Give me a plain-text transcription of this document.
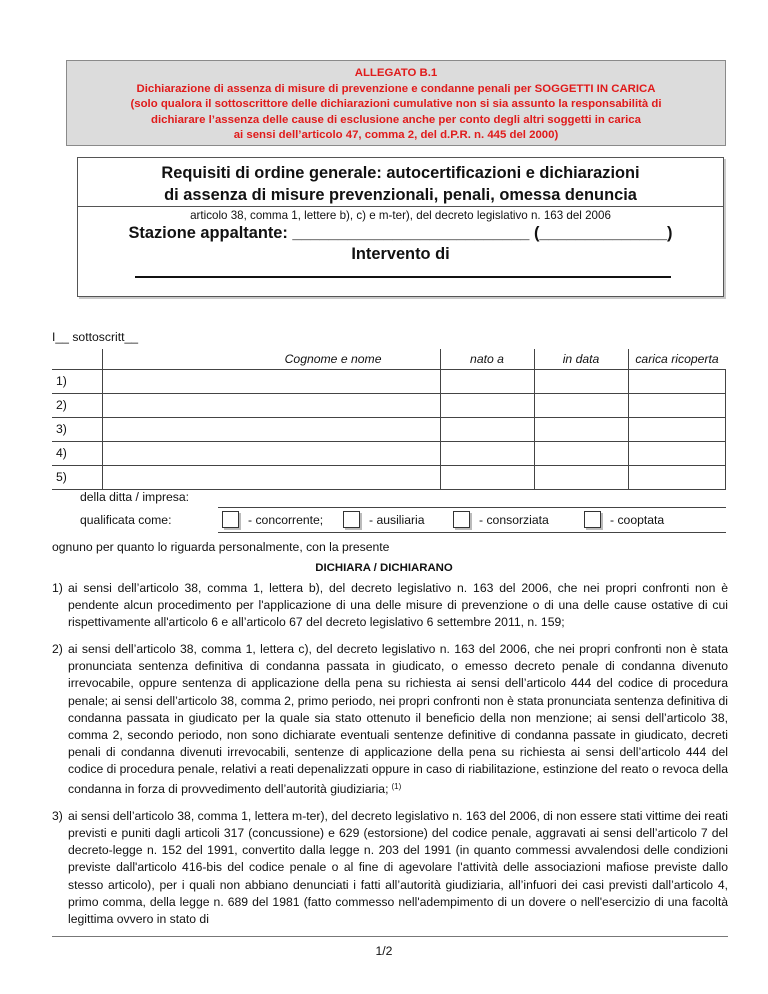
ALLEGATO B.1
Dichiarazione di assenza di misure di prevenzione e condanne penali per SOGGETTI IN CARICA
(solo qualora il sottoscrittore delle dichiarazioni cumulative non si sia assunto la responsabilità di
dichiarare l’assenza delle cause di esclusione anche per conto degli altri soggetti in carica
ai sensi dell’articolo 47, comma 2, del d.P.R. n. 445 del 2000)
Requisiti di ordine generale: autocertificazioni e dichiarazioni
di assenza di misure prevenzionali, penali, omessa denuncia
articolo 38, comma 1, lettere b), c) e m-ter), del decreto legislativo n. 163 del 2006
Stazione appaltante: __________________________ (______________)
Intervento di
I__ sottoscritt__
	Cognome e nome	nato a	in data	carica ricoperta
1)				
2)				
3)				
4)				
5)				
della ditta / impresa:
qualificata come:	- concorrente;	- ausiliaria	- consorziata	- cooptata
ognuno per quanto lo riguarda personalmente, con la presente
DICHIARA / DICHIARANO
1) ai sensi dell’articolo 38, comma 1, lettera b), del decreto legislativo n. 163 del 2006, che nei propri confronti non è pendente alcun procedimento per l'applicazione di una delle misure di prevenzione o di una delle cause ostative di cui rispettivamente all'articolo 6 e all’articolo 67 del decreto legislativo 6 settembre 2011, n. 159;
2) ai sensi dell’articolo 38, comma 1, lettera c), del decreto legislativo n. 163 del 2006, che nei propri confronti non è stata pronunciata sentenza definitiva di condanna passata in giudicato, o emesso decreto penale di condanna divenuto irrevocabile, oppure sentenza di applicazione della pena su richiesta ai sensi dell’articolo 444 del codice di procedura penale; ai sensi dell’articolo 38, comma 2, primo periodo, nei propri confronti non è stata pronunciata sentenza definitiva di condanna passata in giudicato per la quale sia stato ottenuto il beneficio della non menzione; ai sensi dell’articolo 38, comma 2, secondo periodo, non sono dichiarate eventuali sentenze definitive di condanna passate in giudicato, decreti penali di condanna divenuti irrevocabili, sentenze di applicazione della pena su richiesta ai sensi dell’articolo 444 del codice di procedura penale, relativi a reati depenalizzati oppure in caso di riabilitazione, estinzione del reato o revoca della condanna in forza di provvedimento dell’autorità giudiziaria; $^{(1)}$
3) ai sensi dell’articolo 38, comma 1, lettera m-ter), del decreto legislativo n. 163 del 2006, di non essere stati vittime dei reati previsti e puniti dagli articoli 317 (concussione) e 629 (estorsione) del codice penale, aggravati ai sensi dell’articolo 7 del decreto-legge n. 152 del 1991, convertito dalla legge n. 203 del 1991 (in quanto commessi avvalendosi delle condizioni previste dall'articolo 416-bis del codice penale o al fine di agevolare l'attività delle associazioni mafiose previste dallo stesso articolo), per i quali non abbiano denunciati i fatti all’autorità giudiziaria, all’infuori dei casi previsti dall’articolo 4, primo comma, della legge n. 689 del 1981 (fatto commesso nell'adempimento di un dovere o nell'esercizio di una facoltà legittima ovvero in stato di
1/2
